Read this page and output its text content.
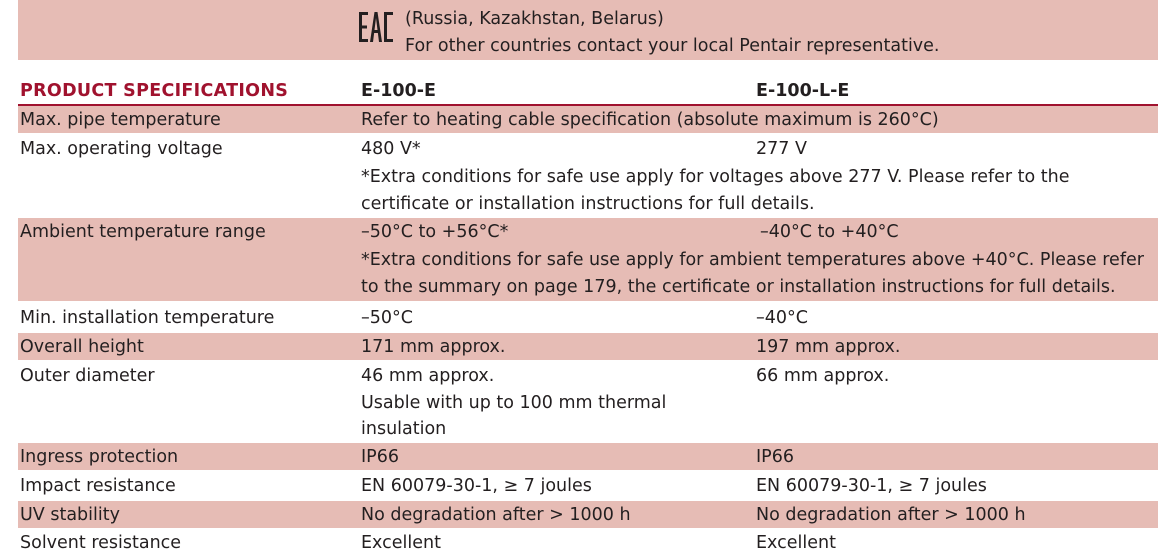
(Russia, Kazakhstan, Belarus)
For other countries contact your local Pentair representative.
PRODUCT SPECIFICATIONS	E-100-E	E-100-L-E
Max. pipe temperature	Refer to heating cable specification (absolute maximum is 260°C)
Max. operating voltage	480 V*	277 V
*Extra conditions for safe use apply for voltages above 277 V. Please refer to the
certificate or installation instructions for full details.
Ambient temperature range	–50°C to +56°C*	–40°C to +40°C
*Extra conditions for safe use apply for ambient temperatures above +40°C. Please refer
to the summary on page 179, the certificate or installation instructions for full details.
Min. installation temperature	–50°C	–40°C
Overall height	171 mm approx.	197 mm approx.
Outer diameter	46 mm approx.	66 mm approx.
Usable with up to 100 mm thermal
insulation
Ingress protection	IP66	IP66
Impact resistance	EN 60079-30-1, ≥ 7 joules	EN 60079-30-1, ≥ 7 joules
UV stability	No degradation after > 1000 h	No degradation after > 1000 h
Solvent resistance	Excellent	Excellent
